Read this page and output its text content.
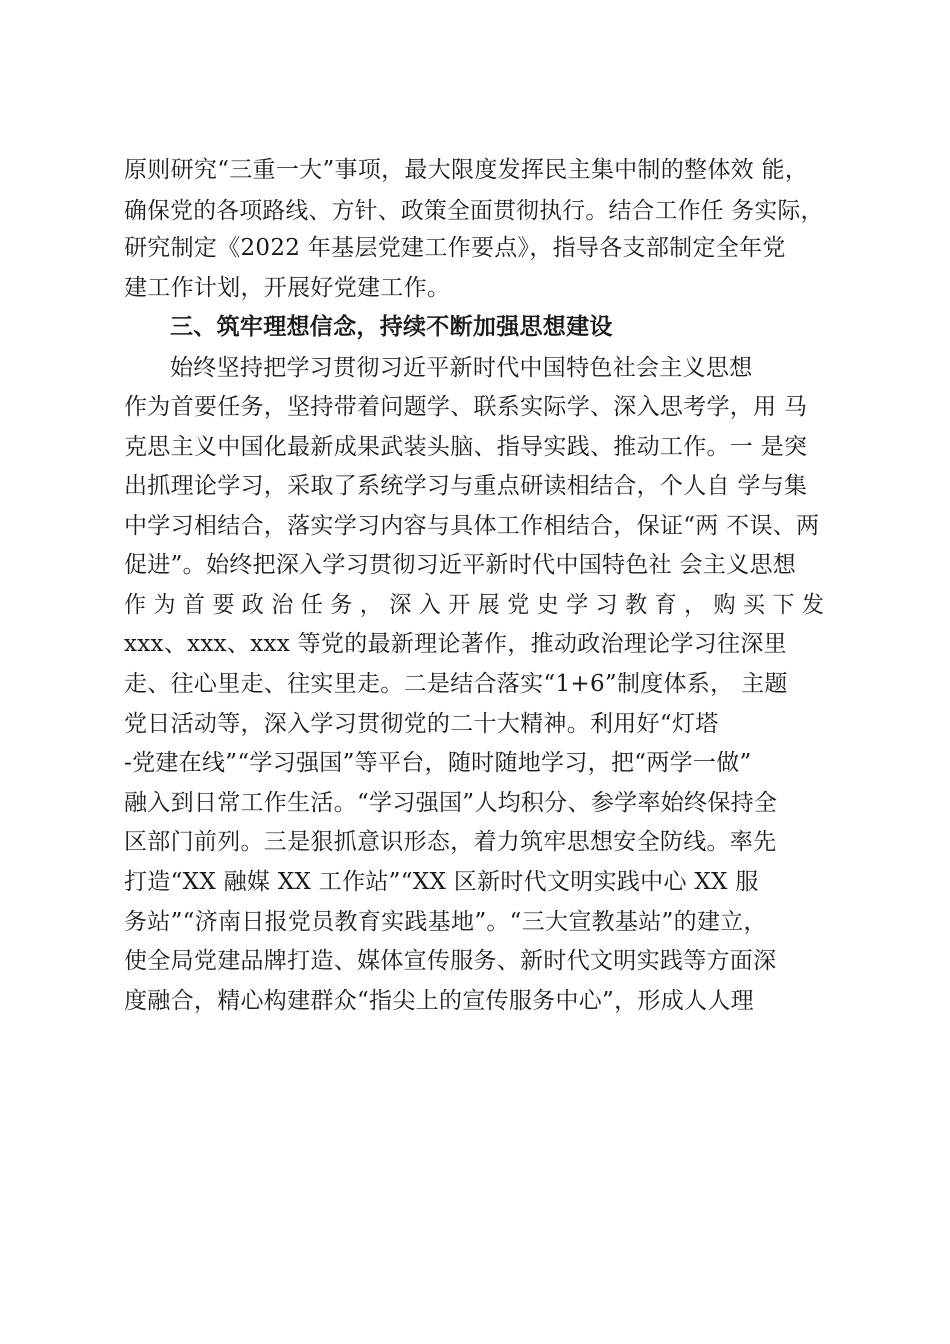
原则研究“三重一大”事项，最大限度发挥民主集中制的整体效 能，
确保党的各项路线、方针、政策全面贯彻执行。结合工作任 务实际，
研究制定《2022 年基层党建工作要点》，指导各支部制定全年党
建工作计划，开展好党建工作。
三、筑牢理想信念，持续不断加强思想建设
始终坚持把学习贯彻习近平新时代中国特色社会主义思想
作为首要任务，坚持带着问题学、联系实际学、深入思考学，用 马
克思主义中国化最新成果武装头脑、指导实践、推动工作。一 是突
出抓理论学习，采取了系统学习与重点研读相结合，个人自 学与集
中学习相结合，落实学习内容与具体工作相结合，保证“两 不误、两
促进”。始终把深入学习贯彻习近平新时代中国特色社 会主义思想
作 为 首 要 政 治 任 务 ， 深 入 开 展 党 史 学 习 教 育 ， 购 买 下 发
xxx、xxx、xxx 等党的最新理论著作，推动政治理论学习往深里
走、往心里走、往实里走。二是结合落实“1+6”制度体系， 主题
党日活动等，深入学习贯彻党的二十大精神。利用好“灯塔
-党建在线”“学习强国”等平台，随时随地学习，把“两学一做”
融入到日常工作生活。“学习强国”人均积分、参学率始终保持全
区部门前列。三是狠抓意识形态，着力筑牢思想安全防线。率先
打造“XX 融媒 XX 工作站”“XX 区新时代文明实践中心 XX 服
务站”“济南日报党员教育实践基地”。“三大宣教基站”的建立，
使全局党建品牌打造、媒体宣传服务、新时代文明实践等方面深
度融合，精心构建群众“指尖上的宣传服务中心”，形成人人理
